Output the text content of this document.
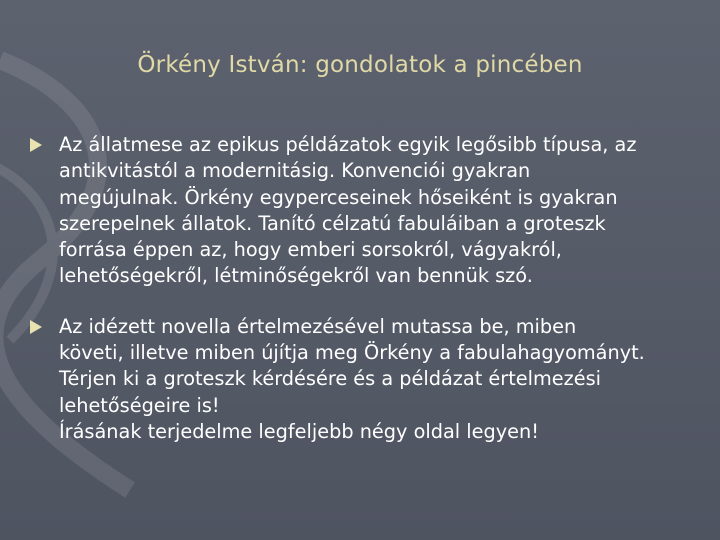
Örkény István: gondolatok a pincében
Az állatmese az epikus példázatok egyik legősibb típusa, az
antikvitástól a modernitásig. Konvenciói gyakran
megújulnak. Örkény egyperceseinek hőseiként is gyakran
szerepelnek állatok. Tanító célzatú fabuláiban a groteszk
forrása éppen az, hogy emberi sorsokról, vágyakról,
lehetőségekről, létminőségekről van bennük szó.
Az idézett novella értelmezésével mutassa be, miben
követi, illetve miben újítja meg Örkény a fabulahagyományt.
Térjen ki a groteszk kérdésére és a példázat értelmezési
lehetőségeire is!
Írásának terjedelme legfeljebb négy oldal legyen!
